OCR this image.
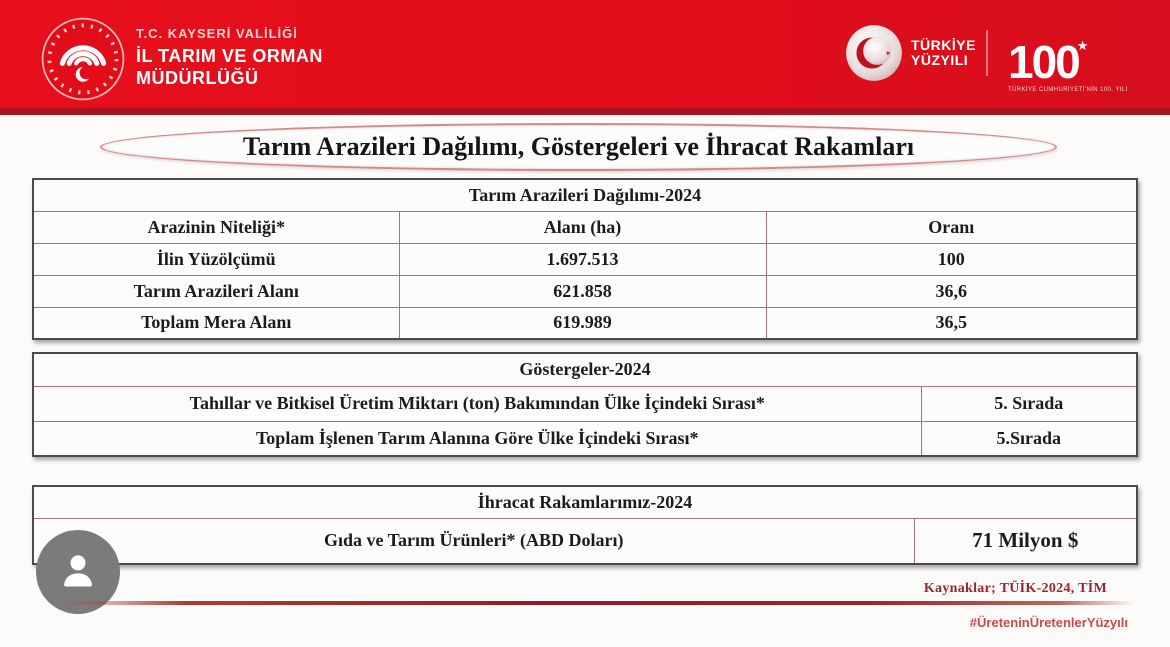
T.C. KAYSERİ VALİLİĞİ
İL TARIM VE ORMAN
MÜDÜRLÜĞÜ
TÜRKİYE
YÜZYILI 100★
TÜRKİYE CUMHURİYETİ'NİN 100. YILI
Tarım Arazileri Dağılımı, Göstergeleri ve İhracat Rakamları
Tarım Arazileri Dağılımı-2024		
Arazinin Niteliği*	Alanı (ha)	Oranı
İlin Yüzölçümü	1.697.513	100
Tarım Arazileri Alanı	621.858	36,6
Toplam Mera Alanı	619.989	36,5
Göstergeler-2024	
Tahıllar ve Bitkisel Üretim Miktarı (ton) Bakımından Ülke İçindeki Sırası*	5. Sırada
Toplam İşlenen Tarım Alanına Göre Ülke İçindeki Sırası*	5.Sırada
İhracat Rakamlarımız-2024
Gıda ve Tarım Ürünleri* (ABD Doları)	71 Milyon $
Kaynaklar; TÜİK-2024, TİM
#ÜreteninÜretenlerYüzyılı
